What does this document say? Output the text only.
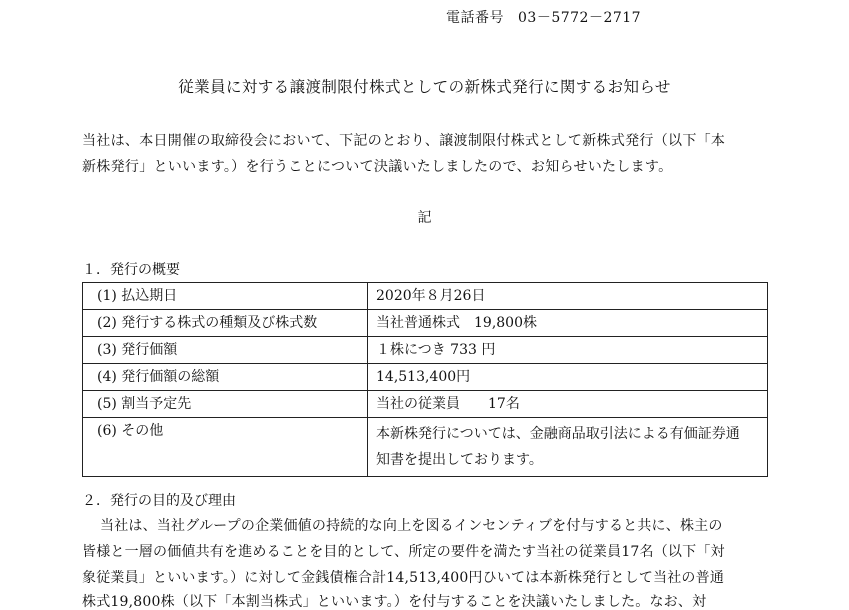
電話番号 03－5772－2717
従業員に対する譲渡制限付株式としての新株式発行に関するお知らせ
当社は、本日開催の取締役会において、下記のとおり、譲渡制限付株式として新株式発行（以下「本
新株発行」といいます。）を行うことについて決議いたしましたので、お知らせいたします。
記
１．発行の概要
(1) 払込期日	2020年８月26日
(2) 発行する株式の種類及び株式数	当社普通株式　19,800株
(3) 発行価額	１株につき 733 円
(4) 発行価額の総額	14,513,400円
(5) 割当予定先	当社の従業員　　17名
(6) その他	本新株発行については、金融商品取引法による有価証券通
知書を提出しております。
２．発行の目的及び理由
当社は、当社グループの企業価値の持続的な向上を図るインセンティブを付与すると共に、株主の
皆様と一層の価値共有を進めることを目的として、所定の要件を満たす当社の従業員17名（以下「対
象従業員」といいます。）に対して金銭債権合計14,513,400円ひいては本新株発行として当社の普通
株式19,800株（以下「本割当株式」といいます。）を付与することを決議いたしました。なお、対
